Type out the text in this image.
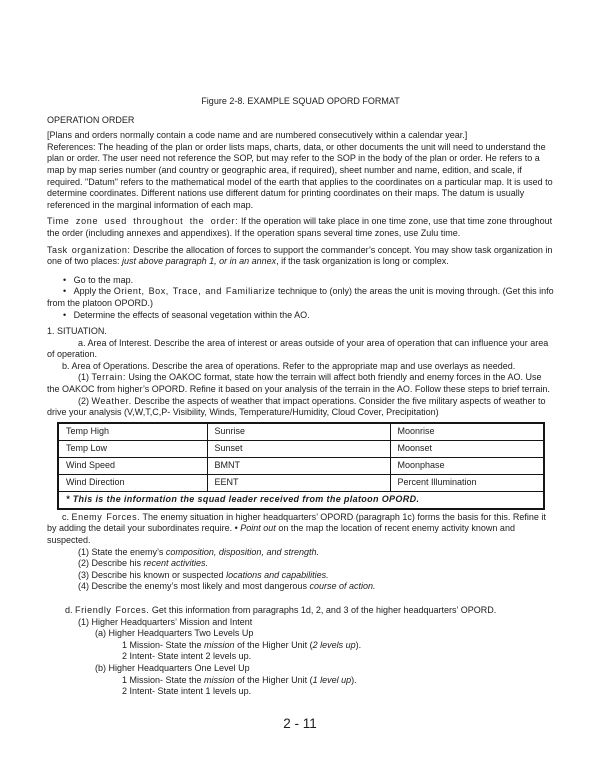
Figure 2-8. EXAMPLE SQUAD OPORD FORMAT

OPERATION ORDER

[Plans and orders normally contain a code name and are numbered consecutively within a calendar year.]

References: The heading of the plan or order lists maps, charts, data, or other documents the unit will need to understand the plan or order. The user need not reference the SOP, but may refer to the SOP in the body of the plan or order. He refers to a map by map series number (and country or geographic area, if required), sheet number and name, edition, and scale, if required. "Datum" refers to the mathematical model of the earth that applies to the coordinates on a particular map. It is used to determine coordinates. Different nations use different datum for printing coordinates on their maps. The datum is usually referenced in the marginal information of each map.

Time zone used throughout the order: If the operation will take place in one time zone, use that time zone throughout the order (including annexes and appendixes). If the operation spans several time zones, use Zulu time.

Task organization: Describe the allocation of forces to support the commander’s concept. You may show task organization in one of two places: just above paragraph 1, or in an annex, if the task organization is long or complex.

•   Go to the map.

•   Apply the Orient, Box, Trace, and Familiarize technique to (only) the areas the unit is moving through. (Get this info from the platoon OPORD.)

•   Determine the effects of seasonal vegetation within the AO.

1. SITUATION.

a. Area of Interest. Describe the area of interest or areas outside of your area of operation that can influence your area of operation.

b. Area of Operations. Describe the area of operations. Refer to the appropriate map and use overlays as needed.

(1) Terrain: Using the OAKOC format, state how the terrain will affect both friendly and enemy forces in the AO. Use the OAKOC from higher’s OPORD. Refine it based on your analysis of the terrain in the AO. Follow these steps to brief terrain.

(2) Weather. Describe the aspects of weather that impact operations. Consider the five military aspects of weather to drive your analysis (V,W,T,C,P- Visibility, Winds, Temperature/Humidity, Cloud Cover, Precipitation)

Temp High	Sunrise	Moonrise
Temp Low	Sunset	Moonset
Wind Speed	BMNT	Moonphase
Wind Direction	EENT	Percent Illumination
* This is the information the squad leader received from the platoon OPORD.		

c. Enemy Forces. The enemy situation in higher headquarters’ OPORD (paragraph 1c) forms the basis for this. Refine it by adding the detail your subordinates require. • Point out on the map the location of recent enemy activity known and suspected.

(1) State the enemy’s composition, disposition, and strength.

(2) Describe his recent activities.

(3) Describe his known or suspected locations and capabilities.

(4) Describe the enemy’s most likely and most dangerous course of action.

d. Friendly Forces. Get this information from paragraphs 1d, 2, and 3 of the higher headquarters’ OPORD.

(1) Higher Headquarters’ Mission and Intent

(a) Higher Headquarters Two Levels Up

1 Mission- State the mission of the Higher Unit (2 levels up).

2 Intent- State intent 2 levels up.

(b) Higher Headquarters One Level Up

1 Mission- State the mission of the Higher Unit (1 level up).

2 Intent- State intent 1 levels up.

2 - 11
